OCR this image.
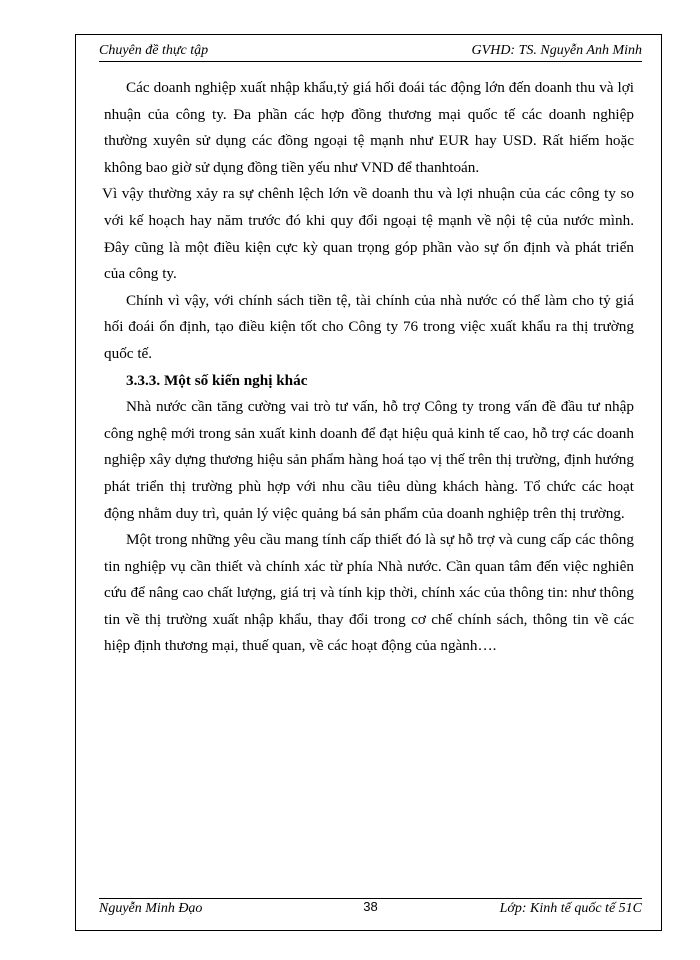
Chuyên đề thực tập	GVHD: TS. Nguyễn Anh Minh

Các doanh nghiệp xuất nhập khẩu,tỷ giá hối đoái tác động lớn đến doanh thu và lợi nhuận của công ty. Đa phần các hợp đồng thương mại quốc tế các doanh nghiệp thường xuyên sử dụng các đồng ngoại tệ mạnh như EUR hay USD. Rất hiếm hoặc không bao giờ sử dụng đồng tiền yếu như VND để thanhtoán.

Vì vậy thường xảy ra sự chênh lệch lớn về doanh thu và lợi nhuận của các công ty so với kế hoạch hay năm trước đó khi quy đổi ngoại tệ mạnh về nội tệ của nước mình. Đây cũng là một điều kiện cực kỳ quan trọng góp phần vào sự ổn định và phát triển của công ty.

Chính vì vậy, với chính sách tiền tệ, tài chính của nhà nước có thể làm cho tỷ giá hối đoái ổn định, tạo điều kiện tốt cho Công ty 76 trong việc xuất khẩu ra thị trường quốc tế.

3.3.3. Một số kiến nghị khác

Nhà nước cần tăng cường vai trò tư vấn, hỗ trợ Công ty trong vấn đề đầu tư nhập công nghệ mới trong sản xuất kinh doanh để đạt hiệu quả kinh tế cao, hỗ trợ các doanh nghiệp xây dựng thương hiệu sản phẩm hàng hoá tạo vị thế trên thị trường, định hướng phát triển thị trường phù hợp với nhu cầu tiêu dùng khách hàng. Tổ chức các hoạt động nhằm duy trì, quản lý việc quảng bá sản phẩm của doanh nghiệp trên thị trường.

Một trong những yêu cầu mang tính cấp thiết đó là sự hỗ trợ và cung cấp các thông tin nghiệp vụ cần thiết và chính xác từ phía Nhà nước. Cần quan tâm đến việc nghiên cứu để nâng cao chất lượng, giá trị và tính kịp thời, chính xác của thông tin: như thông tin về thị trường xuất nhập khẩu, thay đổi trong cơ chế chính sách, thông tin về các hiệp định thương mại, thuế quan, về các hoạt động của ngành….

Nguyễn Minh Đạo	38	Lớp: Kinh tế quốc tế 51C
